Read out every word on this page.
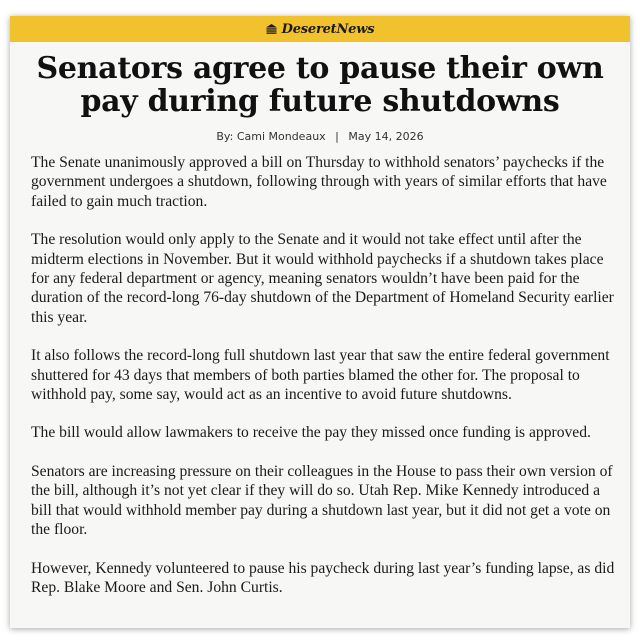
DeseretNews
Senators agree to pause their own pay during future shutdowns
By: Cami Mondeaux | May 14, 2026

The Senate unanimously approved a bill on Thursday to withhold senators’ paychecks if the government undergoes a shutdown, following through with years of similar efforts that have failed to gain much traction.

The resolution would only apply to the Senate and it would not take effect until after the midterm elections in November. But it would withhold paychecks if a shutdown takes place for any federal department or agency, meaning senators wouldn’t have been paid for the duration of the record-long 76-day shutdown of the Department of Homeland Security earlier this year.

It also follows the record-long full shutdown last year that saw the entire federal government shuttered for 43 days that members of both parties blamed the other for. The proposal to withhold pay, some say, would act as an incentive to avoid future shutdowns.

The bill would allow lawmakers to receive the pay they missed once funding is approved.

Senators are increasing pressure on their colleagues in the House to pass their own version of the bill, although it’s not yet clear if they will do so. Utah Rep. Mike Kennedy introduced a bill that would withhold member pay during a shutdown last year, but it did not get a vote on the floor.

However, Kennedy volunteered to pause his paycheck during last year’s funding lapse, as did Rep. Blake Moore and Sen. John Curtis.
